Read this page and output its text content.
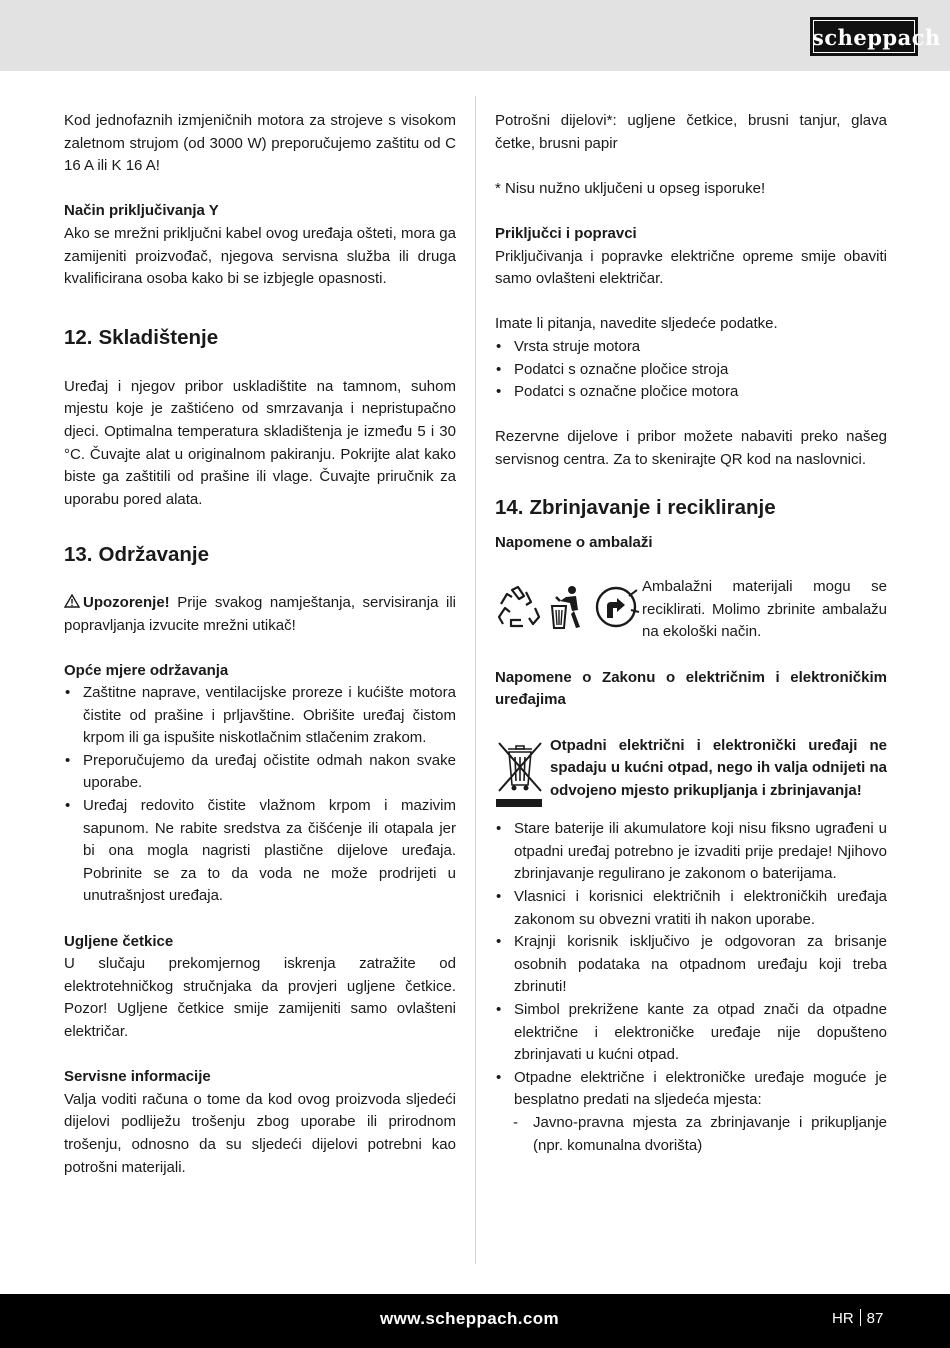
scheppach

Kod jednofaznih izmjeničnih motora za strojeve s visokom zaletnom strujom (od 3000 W) preporučujemo zaštitu od C 16 A ili K 16 A!

Način priključivanja Y

Ako se mrežni priključni kabel ovog uređaja ošteti, mora ga zamijeniti proizvođač, njegova servisna služba ili druga kvalificirana osoba kako bi se izbjegle opasnosti.

12. Skladištenje

Uređaj i njegov pribor uskladištite na tamnom, suhom mjestu koje je zaštićeno od smrzavanja i nepristupačno djeci. Optimalna temperatura skladištenja je između 5 i 30 °C. Čuvajte alat u originalnom pakiranju. Pokrijte alat kako biste ga zaštitili od prašine ili vlage. Čuvajte priručnik za uporabu pored alata.

13. Održavanje

Upozorenje! Prije svakog namještanja, servisiranja ili popravljanja izvucite mrežni utikač!

Opće mjere održavanja

• Zaštitne naprave, ventilacijske proreze i kućište motora čistite od prašine i prljavštine. Obrišite uređaj čistom krpom ili ga ispušite niskotlačnim stlačenim zrakom.
• Preporučujemo da uređaj očistite odmah nakon svake uporabe.
• Uređaj redovito čistite vlažnom krpom i mazivim sapunom. Ne rabite sredstva za čišćenje ili otapala jer bi ona mogla nagristi plastične dijelove uređaja. Pobrinite se za to da voda ne može prodrijeti u unutrašnjost uređaja.

Ugljene četkice

U slučaju prekomjernog iskrenja zatražite od elektrotehničkog stručnjaka da provjeri ugljene četkice. Pozor! Ugljene četkice smije zamijeniti samo ovlašteni električar.

Servisne informacije

Valja voditi računa o tome da kod ovog proizvoda sljedeći dijelovi podliježu trošenju zbog uporabe ili prirodnom trošenju, odnosno da su sljedeći dijelovi potrebni kao potrošni materijali.

Potrošni dijelovi*: ugljene četkice, brusni tanjur, glava četke, brusni papir

* Nisu nužno uključeni u opseg isporuke!

Priključci i popravci

Priključivanja i popravke električne opreme smije obaviti samo ovlašteni električar.

Imate li pitanja, navedite sljedeće podatke.

• Vrsta struje motora
• Podatci s označne pločice stroja
• Podatci s označne pločice motora

Rezervne dijelove i pribor možete nabaviti preko našeg servisnog centra. Za to skenirajte QR kod na naslovnici.

14. Zbrinjavanje i recikliranje

Napomene o ambalaži

Ambalažni materijali mogu se reciklirati. Molimo zbrinite ambalažu na ekološki način.

Napomene o Zakonu o električnim i elektroničkim uređajima

Otpadni električni i elektronički uređaji ne spadaju u kućni otpad, nego ih valja odnijeti na odvojeno mjesto prikupljanja i zbrinjavanja!

• Stare baterije ili akumulatore koji nisu fiksno ugrađeni u otpadni uređaj potrebno je izvaditi prije predaje! Njihovo zbrinjavanje regulirano je zakonom o baterijama.
• Vlasnici i korisnici električnih i elektroničkih uređaja zakonom su obvezni vratiti ih nakon uporabe.
• Krajnji korisnik isključivo je odgovoran za brisanje osobnih podataka na otpadnom uređaju koji treba zbrinuti!
• Simbol prekrižene kante za otpad znači da otpadne električne i elektroničke uređaje nije dopušteno zbrinjavati u kućni otpad.
• Otpadne električne i elektroničke uređaje moguće je besplatno predati na sljedeća mjesta:
- Javno-pravna mjesta za zbrinjavanje i prikupljanje (npr. komunalna dvorišta)
www.scheppach.com	HR 87
